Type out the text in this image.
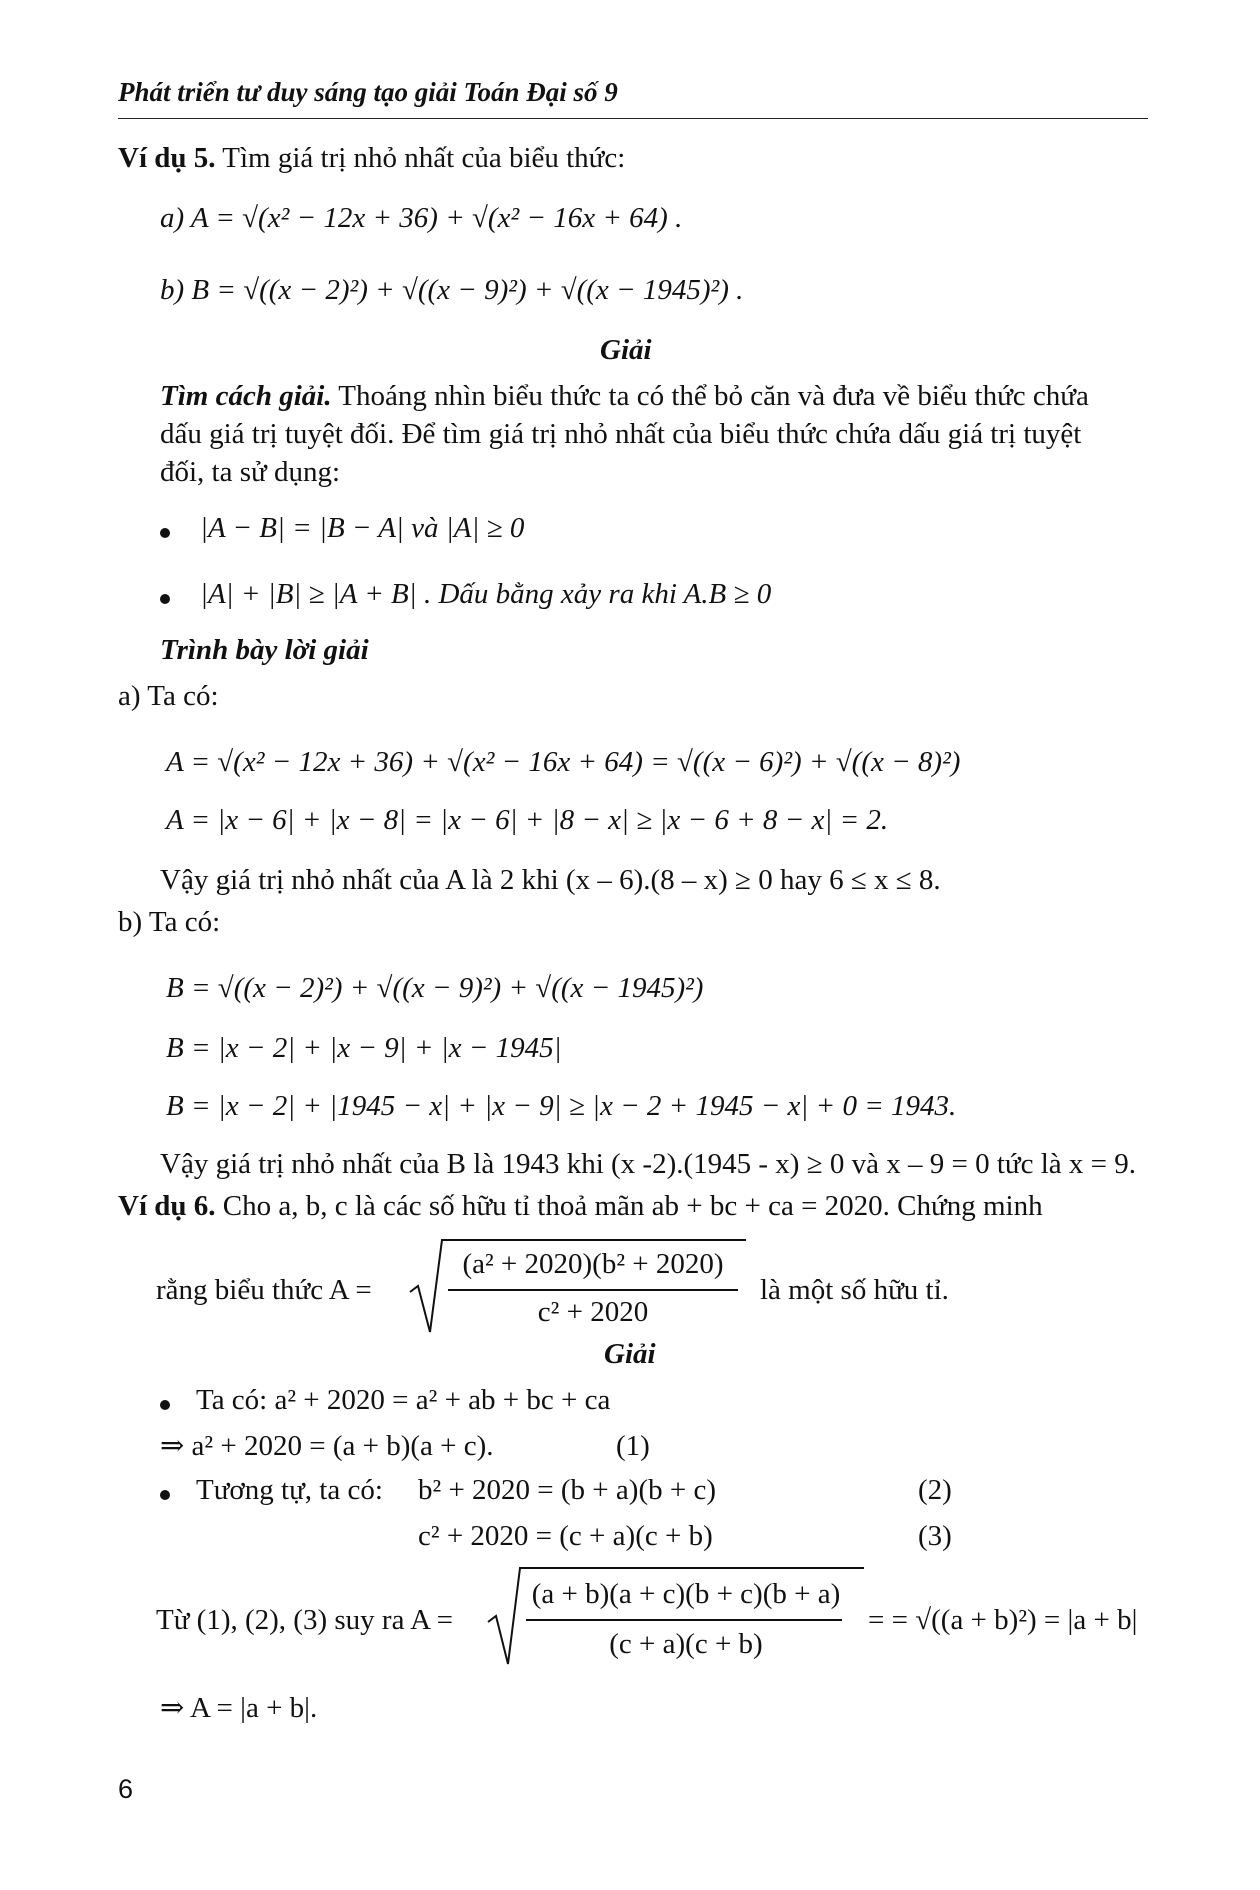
Phát triển tư duy sáng tạo giải Toán Đại số 9
Ví dụ 5. Tìm giá trị nhỏ nhất của biểu thức:
a) A = √(x² − 12x + 36) + √(x² − 16x + 64) .
b) B = √((x − 2)²) + √((x − 9)²) + √((x − 1945)²) .
Giải
Tìm cách giải. Thoáng nhìn biểu thức ta có thể bỏ căn và đưa về biểu thức chứa
dấu giá trị tuyệt đối. Để tìm giá trị nhỏ nhất của biểu thức chứa dấu giá trị tuyệt
đối, ta sử dụng:
|A − B| = |B − A| và |A| ≥ 0
|A| + |B| ≥ |A + B| . Dấu bằng xảy ra khi A.B ≥ 0
Trình bày lời giải
a) Ta có:
A = √(x² − 12x + 36) + √(x² − 16x + 64) = √((x − 6)²) + √((x − 8)²)
A = |x − 6| + |x − 8| = |x − 6| + |8 − x| ≥ |x − 6 + 8 − x| = 2.
Vậy giá trị nhỏ nhất của A là 2 khi (x – 6).(8 – x) ≥ 0 hay 6 ≤ x ≤ 8.
b) Ta có:
B = √((x − 2)²) + √((x − 9)²) + √((x − 1945)²)
B = |x − 2| + |x − 9| + |x − 1945|
B = |x − 2| + |1945 − x| + |x − 9| ≥ |x − 2 + 1945 − x| + 0 = 1943.
Vậy giá trị nhỏ nhất của B là 1943 khi (x -2).(1945 - x) ≥ 0 và x – 9 = 0 tức là x = 9.
Ví dụ 6. Cho a, b, c là các số hữu tỉ thoả mãn ab + bc + ca = 2020. Chứng minh
rằng biểu thức A =
(a² + 2020)(b² + 2020)
c² + 2020
là một số hữu tỉ.
Giải
Ta có: a² + 2020 = a² + ab + bc + ca
⇒ a² + 2020 = (a + b)(a + c).	(1)
Tương tự, ta có: b² + 2020 = (b + a)(b + c)	(2)
c² + 2020 = (c + a)(c + b)	(3)
Từ (1), (2), (3) suy ra A =
(a + b)(a + c)(b + c)(b + a)
(c + a)(c + b)
= = √((a + b)²) = |a + b|
⇒ A = |a + b|.
6
